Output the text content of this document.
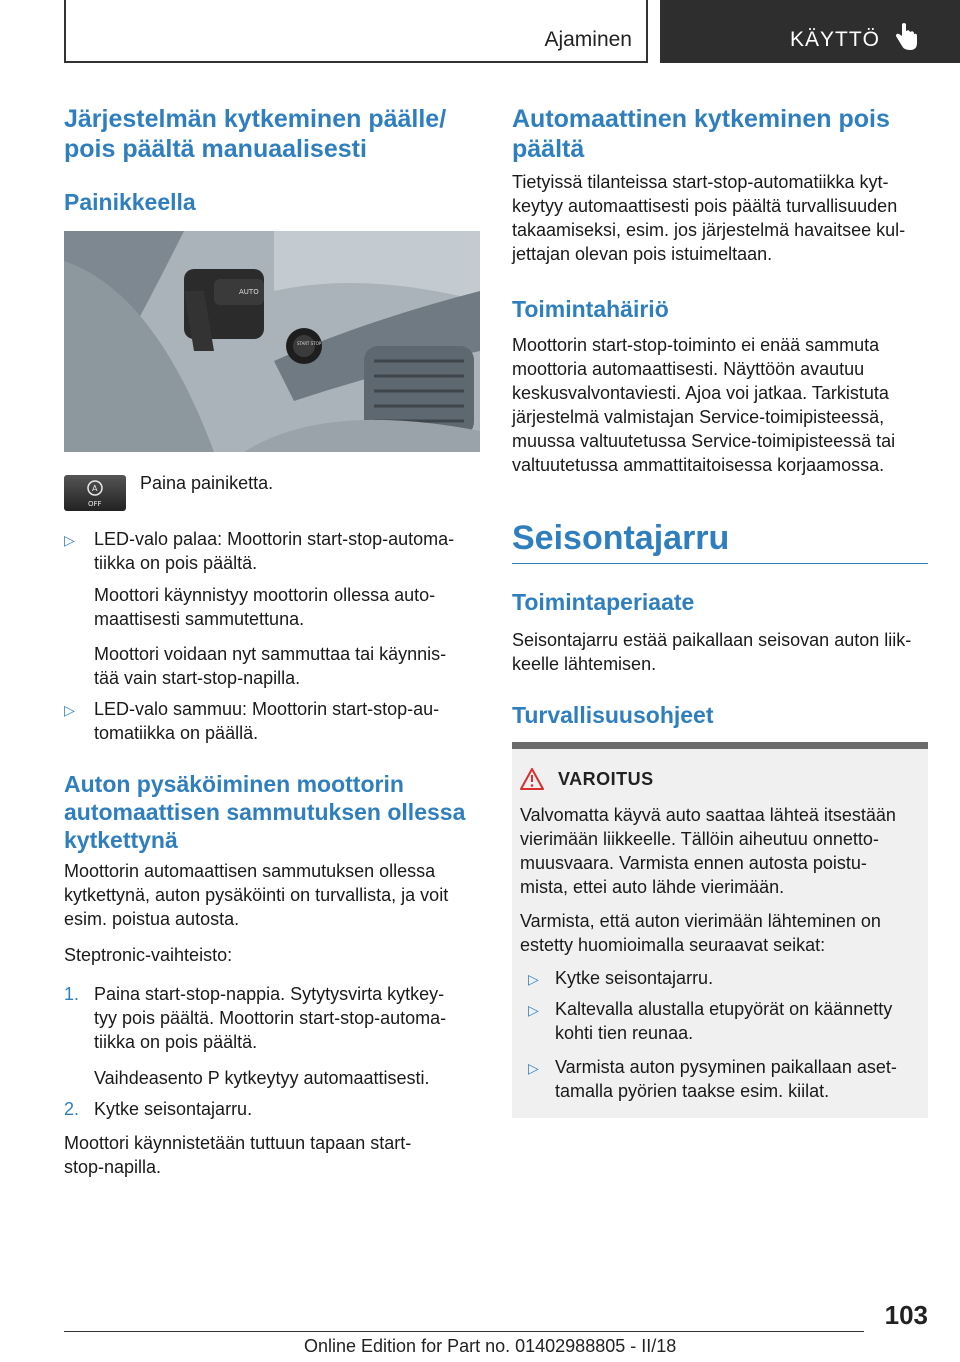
Ajaminen	KÄYTTÖ
Järjestelmän kytkeminen päälle/
pois päältä manuaalisesti
Painikkeella
AUTO
START STOP
A
OFF

Paina painiketta.

▷ LED-valo palaa: Moottorin start-stop-automa-
tiikka on pois päältä.

Moottori käynnistyy moottorin ollessa auto-
maattisesti sammutettuna.

Moottori voidaan nyt sammuttaa tai käynnis-
tää vain start-stop-napilla.

▷ LED-valo sammuu: Moottorin start-stop-au-
tomatiikka on päällä.

Auton pysäköiminen moottorin
automaattisen sammutuksen ollessa
kytkettynä

Moottorin automaattisen sammutuksen ollessa
kytkettynä, auton pysäköinti on turvallista, ja voit
esim. poistua autosta.

Steptronic-vaihteisto:

1. Paina start-stop-nappia. Sytytysvirta kytkey-
tyy pois päältä. Moottorin start-stop-automa-
tiikka on pois päältä.

Vaihdeasento P kytkeytyy automaattisesti.

2. Kytke seisontajarru.

Moottori käynnistetään tuttuun tapaan start-
stop-napilla.

Automaattinen kytkeminen pois
päältä

Tietyissä tilanteissa start-stop-automatiikka kyt-
keytyy automaattisesti pois päältä turvallisuuden
takaamiseksi, esim. jos järjestelmä havaitsee kul-
jettajan olevan pois istuimeltaan.

Toimintahäiriö

Moottorin start-stop-toiminto ei enää sammuta
moottoria automaattisesti. Näyttöön avautuu
keskusvalvontaviesti. Ajoa voi jatkaa. Tarkistuta
järjestelmä valmistajan Service-toimipisteessä,
muussa valtuutetussa Service-toimipisteessä tai
valtuutetussa ammattitaitoisessa korjaamossa.

Seisontajarru
Toimintaperiaate

Seisontajarru estää paikallaan seisovan auton liik-
keelle lähtemisen.

Turvallisuusohjeet
VAROITUS

Valvomatta käyvä auto saattaa lähteä itsestään
vierimään liikkeelle. Tällöin aiheutuu onnetto-
muusvaara. Varmista ennen autosta poistu-
mista, ettei auto lähde vierimään.

Varmista, että auton vierimään lähteminen on
estetty huomioimalla seuraavat seikat:

▷ Kytke seisontajarru.

▷ Kaltevalla alustalla etupyörät on käännetty
kohti tien reunaa.

▷ Varmista auton pysyminen paikallaan aset-
tamalla pyörien taakse esim. kiilat.

103
Online Edition for Part no. 01402988805 - II/18
